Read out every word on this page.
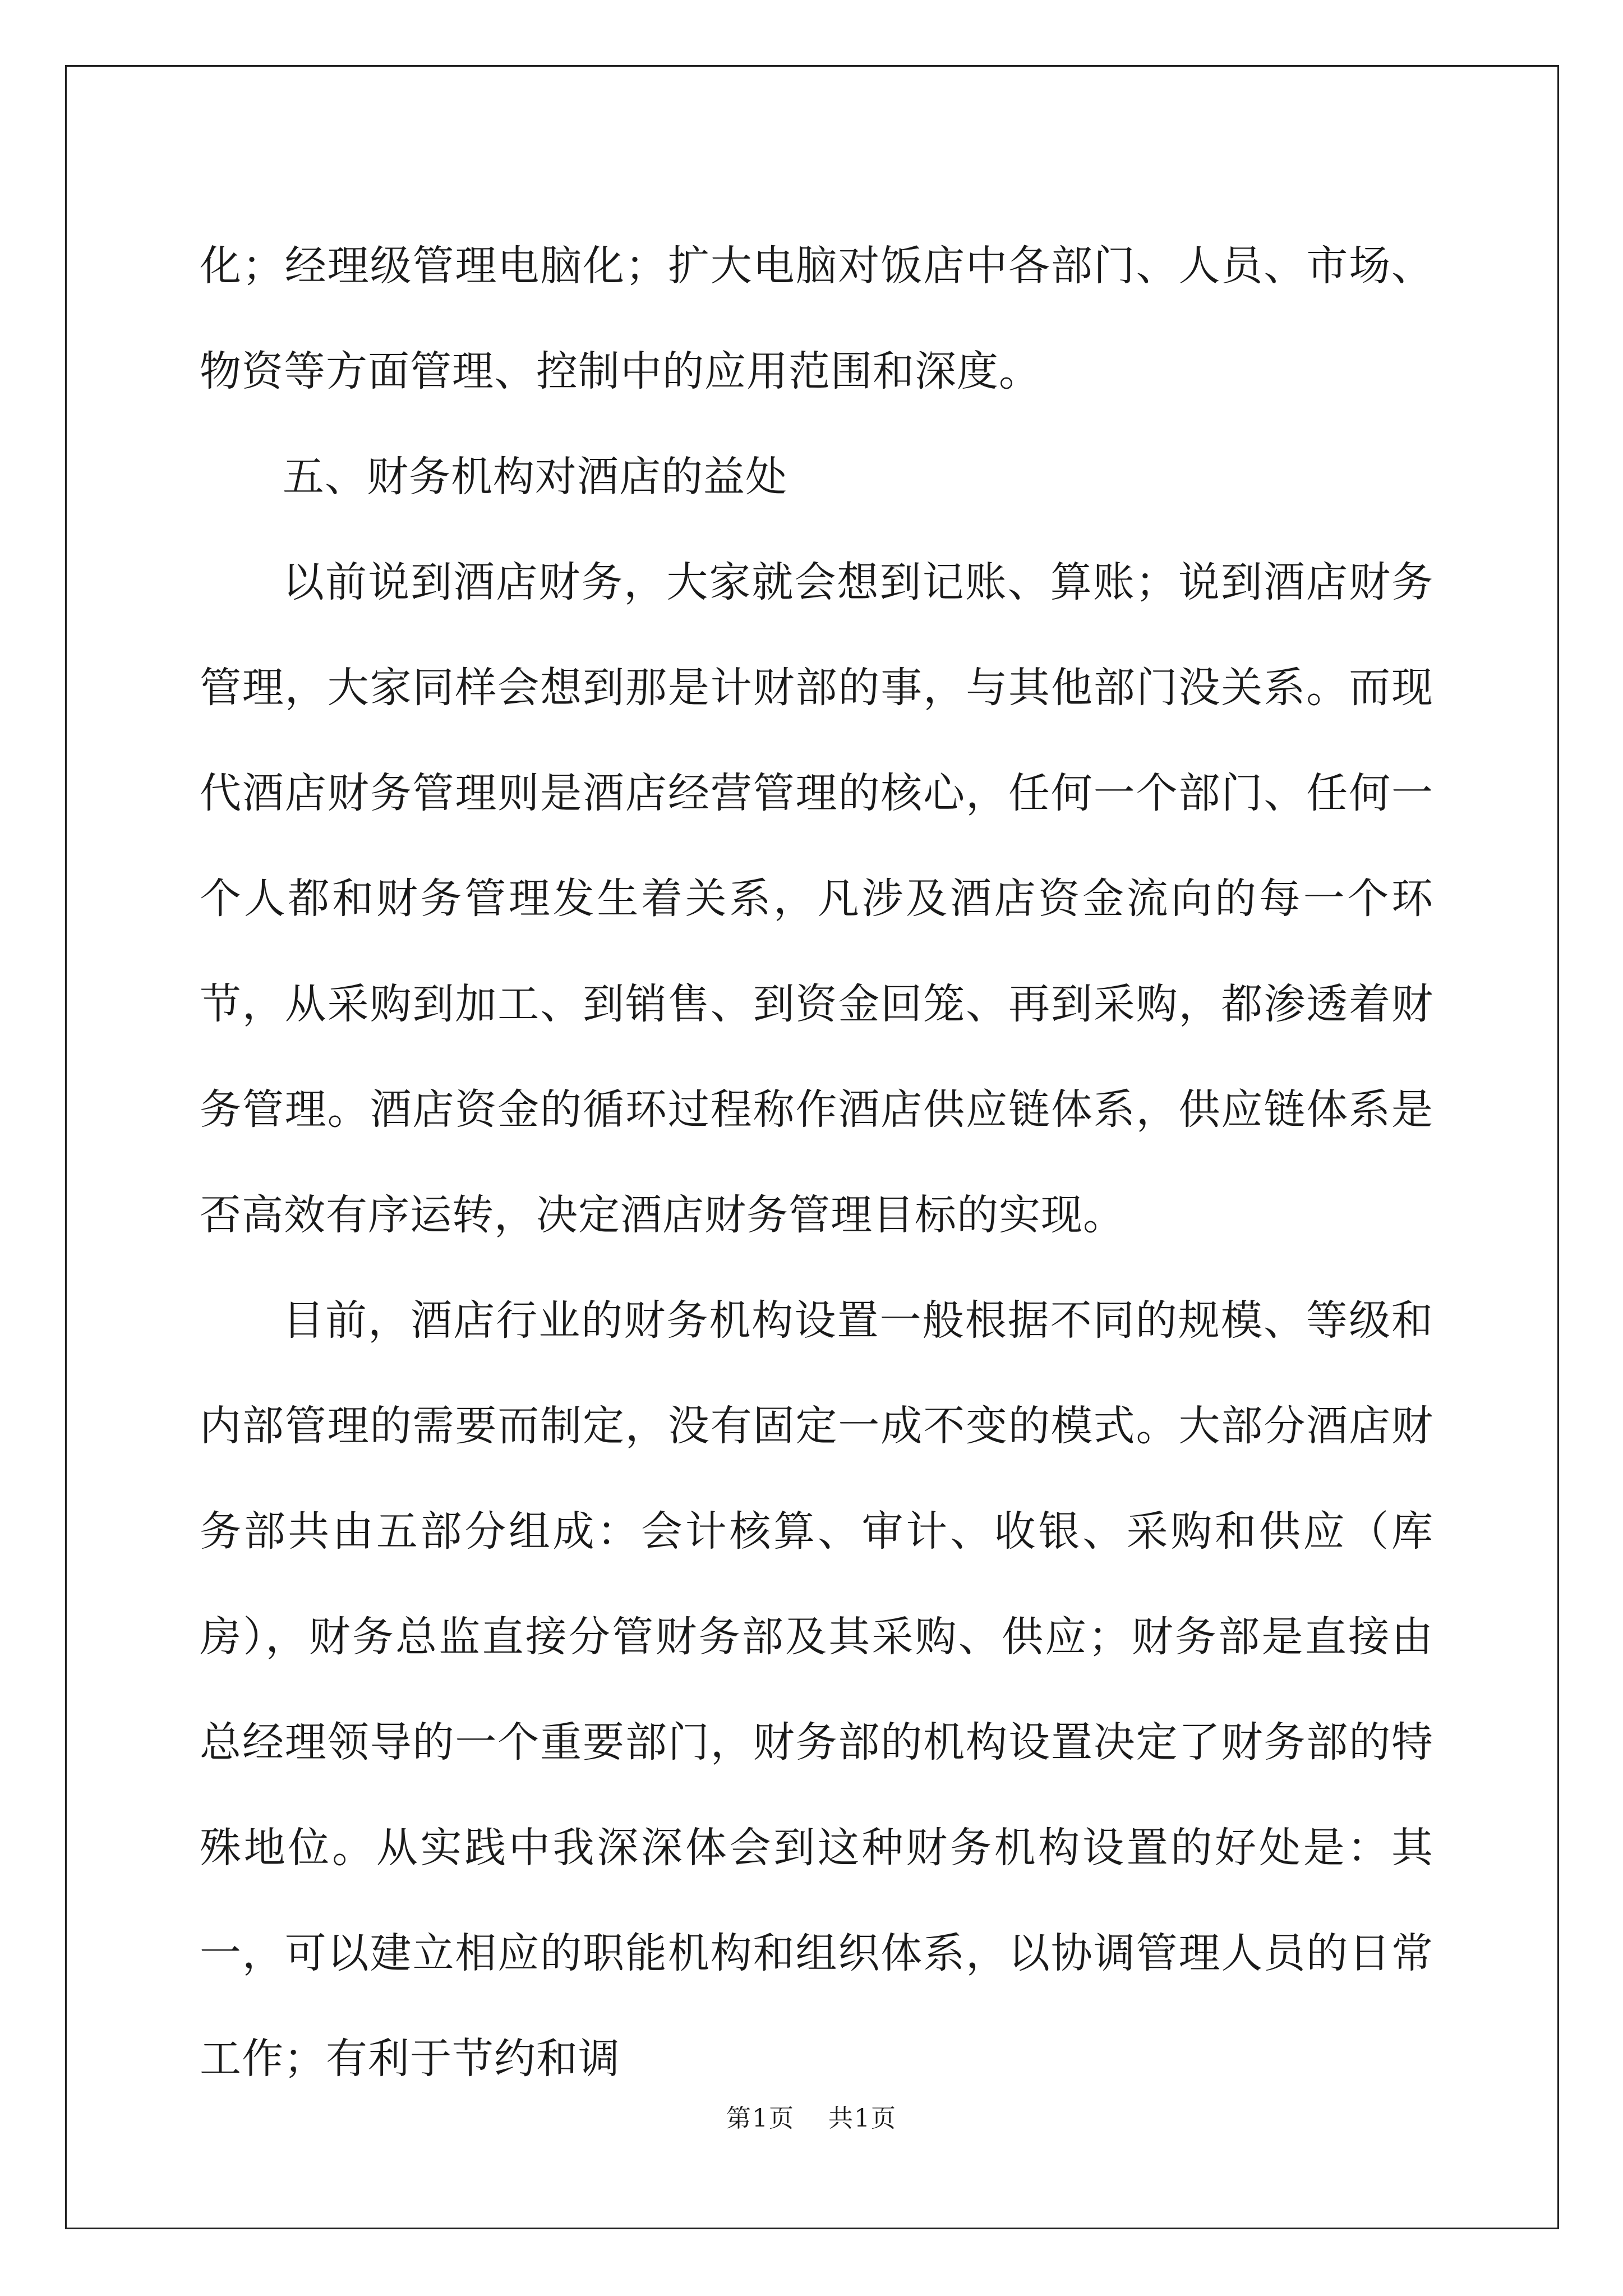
化；经理级管理电脑化；扩大电脑对饭店中各部门、人员、市场、物资等方面管理、控制中的应用范围和深度。

五、财务机构对酒店的益处

以前说到酒店财务，大家就会想到记账、算账；说到酒店财务管理，大家同样会想到那是计财部的事，与其他部门没关系。而现代酒店财务管理则是酒店经营管理的核心，任何一个部门、任何一个人都和财务管理发生着关系，凡涉及酒店资金流向的每一个环节，从采购到加工、到销售、到资金回笼、再到采购，都渗透着财务管理。酒店资金的循环过程称作酒店供应链体系，供应链体系是否高效有序运转，决定酒店财务管理目标的实现。

目前，酒店行业的财务机构设置一般根据不同的规模、等级和内部管理的需要而制定，没有固定一成不变的模式。大部分酒店财务部共由五部分组成：会计核算、审计、收银、采购和供应（库房），财务总监直接分管财务部及其采购、供应；财务部是直接由总经理领导的一个重要部门，财务部的机构设置决定了财务部的特殊地位。从实践中我深深体会到这种财务机构设置的好处是：其一，可以建立相应的职能机构和组织体系，以协调管理人员的日常工作；有利于节约和调

第1页 共1页
